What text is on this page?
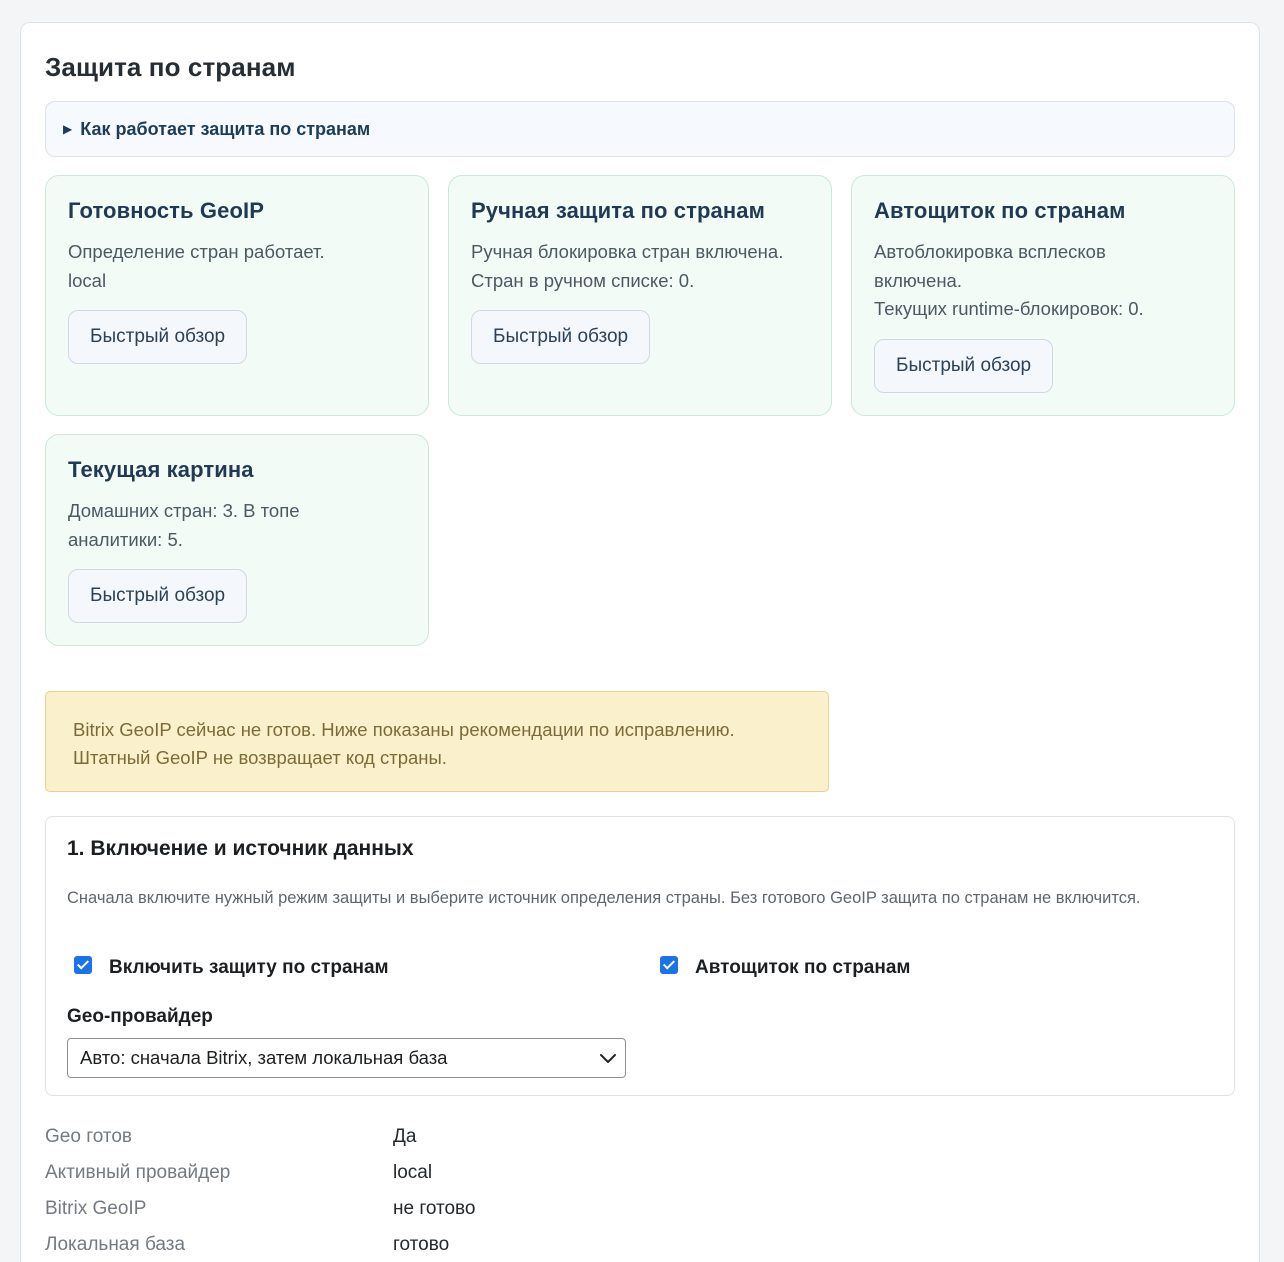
Защита по странам
▶ Как работает защита по странам
Готовность GeoIP

Определение стран работает.

local

Быстрый обзор
Ручная защита по странам

Ручная блокировка стран включена.

Стран в ручном списке: 0.

Быстрый обзор
Автощиток по странам

Автоблокировка всплесков включена.

Текущих runtime-блокировок: 0.

Быстрый обзор
Текущая картина

Домашних стран: 3. В топе аналитики: 5.

Быстрый обзор
Bitrix GeoIP сейчас не готов. Ниже показаны рекомендации по исправлению.
Штатный GeoIP не возвращает код страны.
1. Включение и источник данных
Сначала включите нужный режим защиты и выберите источник определения страны. Без готового GeoIP защита по странам не включится.
Включить защиту по странам	Автощиток по странам
Geo-провайдер
Авто: сначала Bitrix, затем локальная база
Geo готов	Да
Активный провайдер	local
Bitrix GeoIP	не готово
Локальная база	готово
